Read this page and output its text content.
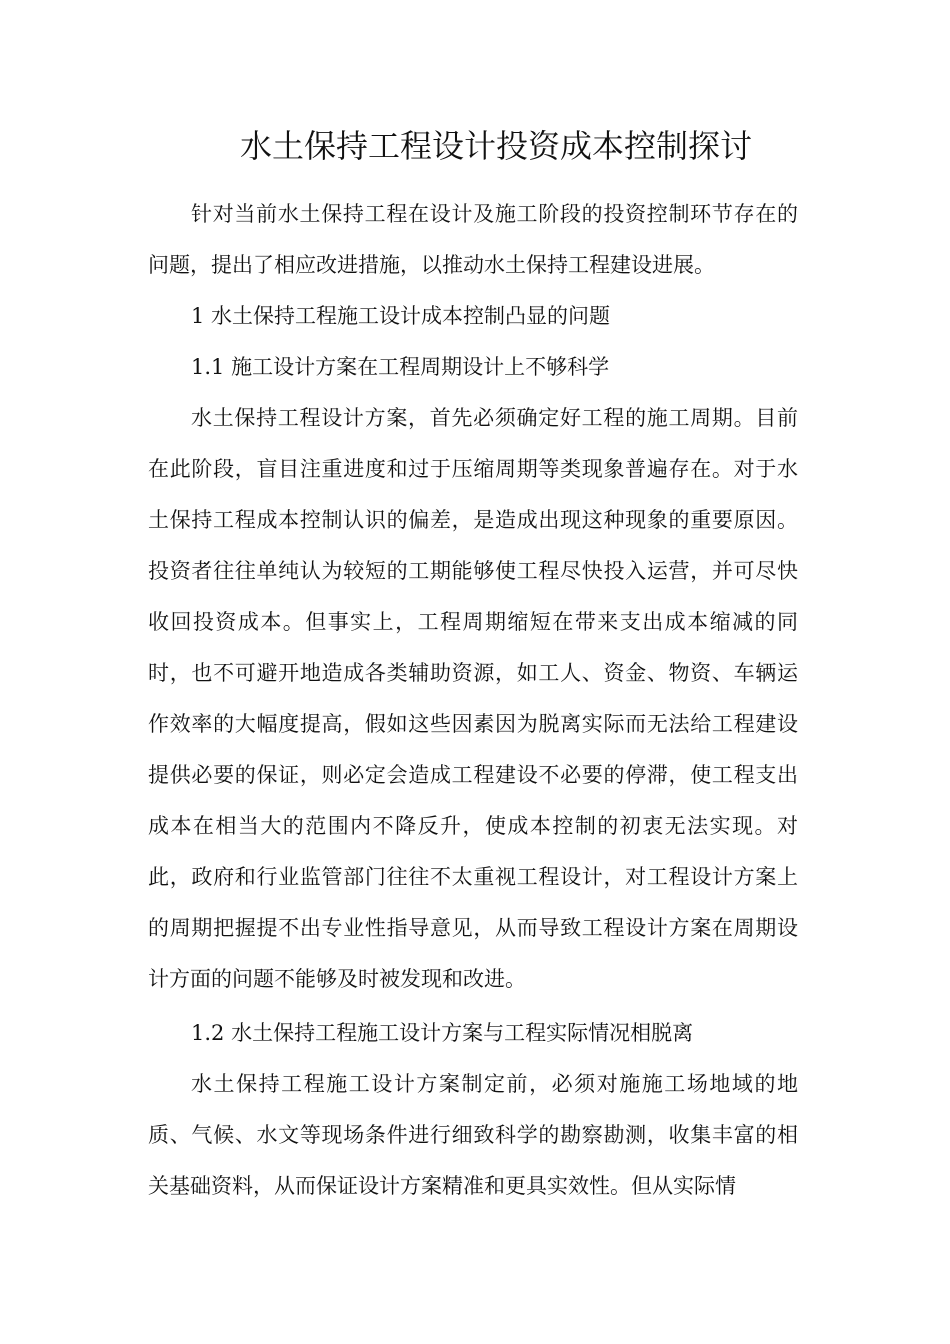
水土保持工程设计投资成本控制探讨

针对当前水土保持工程在设计及施工阶段的投资控制环节存在的问题，提出了相应改进措施，以推动水土保持工程建设进展。

1 水土保持工程施工设计成本控制凸显的问题

1.1 施工设计方案在工程周期设计上不够科学

水土保持工程设计方案，首先必须确定好工程的施工周期。目前在此阶段，盲目注重进度和过于压缩周期等类现象普遍存在。对于水土保持工程成本控制认识的偏差，是造成出现这种现象的重要原因。投资者往往单纯认为较短的工期能够使工程尽快投入运营，并可尽快收回投资成本。但事实上，工程周期缩短在带来支出成本缩减的同时，也不可避开地造成各类辅助资源，如工人、资金、物资、车辆运作效率的大幅度提高，假如这些因素因为脱离实际而无法给工程建设提供必要的保证，则必定会造成工程建设不必要的停滞，使工程支出成本在相当大的范围内不降反升，使成本控制的初衷无法实现。对此，政府和行业监管部门往往不太重视工程设计，对工程设计方案上的周期把握提不出专业性指导意见，从而导致工程设计方案在周期设计方面的问题不能够及时被发现和改进。

1.2 水土保持工程施工设计方案与工程实际情况相脱离

水土保持工程施工设计方案制定前，必须对施施工场地域的地质、气候、水文等现场条件进行细致科学的勘察勘测，收集丰富的相关基础资料，从而保证设计方案精准和更具实效性。但从实际情
